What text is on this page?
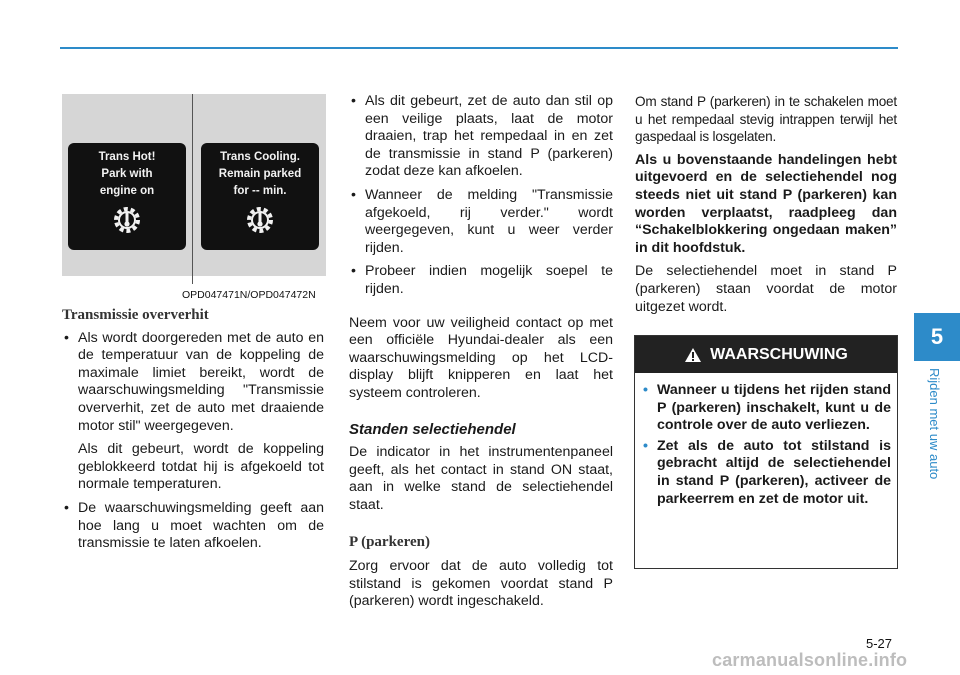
Trans Hot!
Park with
engine on
Trans Cooling.
Remain parked
for -- min.
OPD047471N/OPD047472N

Transmissie oververhit

• Als wordt doorgereden met de auto en de temperatuur van de koppeling de maximale limiet bereikt, wordt de waarschuwingsmelding "Transmissie oververhit, zet de auto met draaiende motor stil" weergegeven.

Als dit gebeurt, wordt de koppeling geblokkeerd totdat hij is afgekoeld tot normale temperaturen.

• De waarschuwingsmelding geeft aan hoe lang u moet wachten om de transmissie te laten afkoelen.
• Als dit gebeurt, zet de auto dan stil op een veilige plaats, laat de motor draaien, trap het rempedaal in en zet de transmissie in stand P (parkeren) zodat deze kan afkoelen.
• Wanneer de melding "Transmissie afgekoeld, rij verder." wordt weergegeven, kunt u weer verder rijden.
• Probeer indien mogelijk soepel te rijden.

Neem voor uw veiligheid contact op met een officiële Hyundai-dealer als een waarschuwingsmelding op het LCD-display blijft knipperen en laat het systeem controleren.

Standen selectiehendel

De indicator in het instrumentenpaneel geeft, als het contact in stand ON staat, aan in welke stand de selectiehendel staat.

P (parkeren)

Zorg ervoor dat de auto volledig tot stilstand is gekomen voordat stand P (parkeren) wordt ingeschakeld.

Om stand P (parkeren) in te schakelen moet u het rempedaal stevig intrappen terwijl het gaspedaal is losgelaten.

Als u bovenstaande handelingen hebt uitgevoerd en de selectiehendel nog steeds niet uit stand P (parkeren) kan worden verplaatst, raadpleeg dan “Schakelblokkering ongedaan maken” in dit hoofdstuk.

De selectiehendel moet in stand P (parkeren) staan voordat de motor uitgezet wordt.

WAARSCHUWING
• Wanneer u tijdens het rijden stand P (parkeren) inschakelt, kunt u de controle over de auto verliezen.
• Zet als de auto tot stilstand is gebracht altijd de selectiehendel in stand P (parkeren), activeer de parkeerrem en zet de motor uit.
5
Rijden met uw auto
5-27
carmanualsonline.info
